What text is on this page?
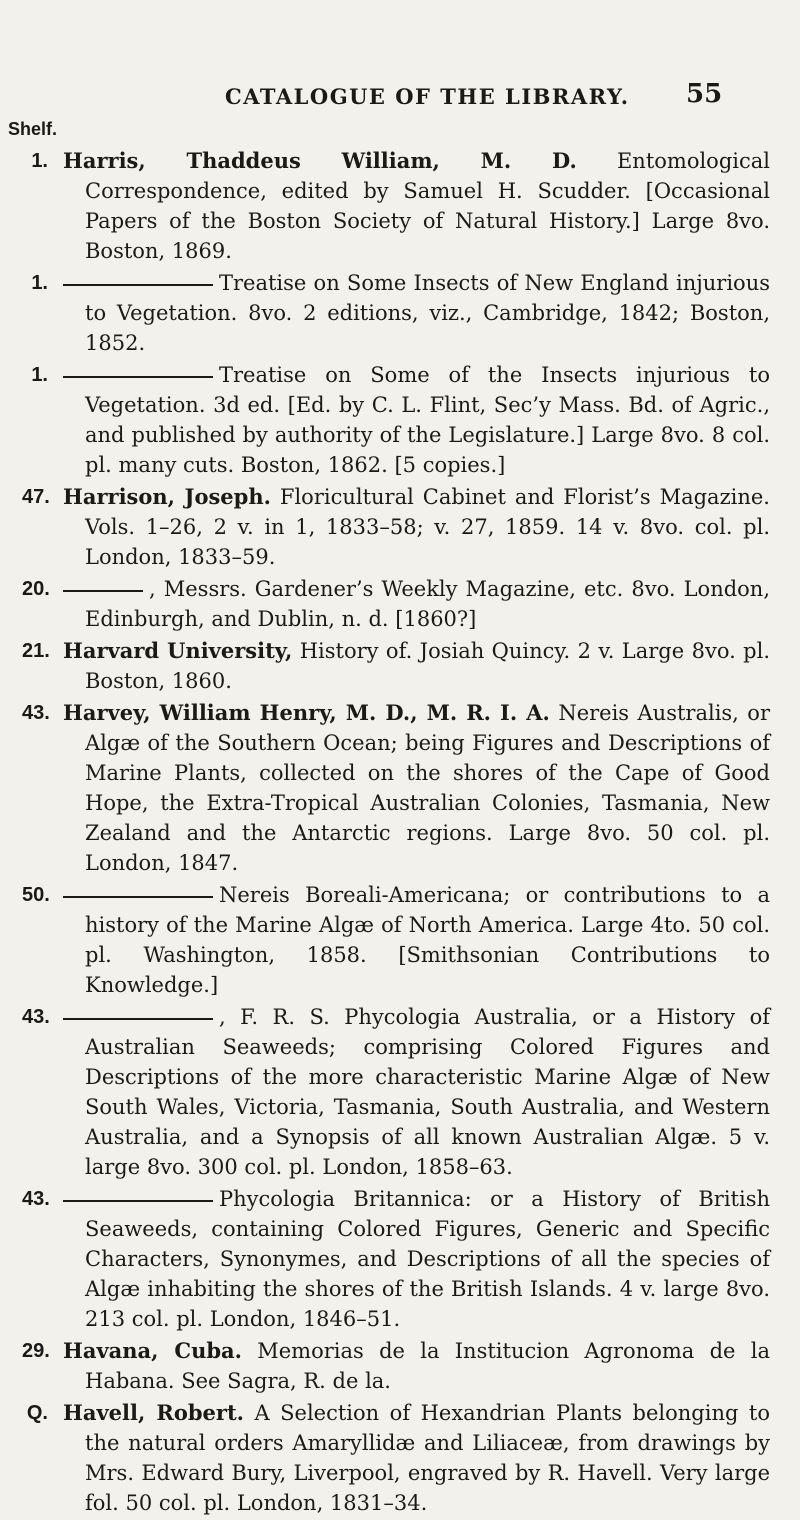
CATALOGUE OF THE LIBRARY. 55
Shelf.
1. Harris, Thaddeus William, M. D. Entomological Correspondence, edited by Samuel H. Scudder. [Occasional Papers of the Boston Society of Natural History.] Large 8vo. Boston, 1869.
1.	Treatise on Some Insects of New England injurious to Vegetation. 8vo. 2 editions, viz., Cambridge, 1842; Boston, 1852.
1.	Treatise on Some of the Insects injurious to Vegetation. 3d ed. [Ed. by C. L. Flint, Sec’y Mass. Bd. of Agric., and published by authority of the Legislature.] Large 8vo. 8 col. pl. many cuts. Boston, 1862. [5 copies.]
47. Harrison, Joseph. Floricultural Cabinet and Florist’s Magazine. Vols. 1–26, 2 v. in 1, 1833–58; v. 27, 1859. 14 v. 8vo. col. pl. London, 1833–59.
20.	, Messrs. Gardener’s Weekly Magazine, etc. 8vo. London, Edinburgh, and Dublin, n. d. [1860?]
21. Harvard University, History of. Josiah Quincy. 2 v. Large 8vo. pl. Boston, 1860.
43. Harvey, William Henry, M. D., M. R. I. A. Nereis Australis, or Algæ of the Southern Ocean; being Figures and Descriptions of Marine Plants, collected on the shores of the Cape of Good Hope, the Extra-Tropical Australian Colonies, Tasmania, New Zealand and the Antarctic regions. Large 8vo. 50 col. pl. London, 1847.
50.	Nereis Boreali-Americana; or contributions to a history of the Marine Algæ of North America. Large 4to. 50 col. pl. Washington, 1858. [Smithsonian Contributions to Knowledge.]
43.	, F. R. S. Phycologia Australia, or a History of Australian Seaweeds; comprising Colored Figures and Descriptions of the more characteristic Marine Algæ of New South Wales, Victoria, Tasmania, South Australia, and Western Australia, and a Synopsis of all known Australian Algæ. 5 v. large 8vo. 300 col. pl. London, 1858–63.
43.	Phycologia Britannica: or a History of British Seaweeds, containing Colored Figures, Generic and Specific Characters, Synonymes, and Descriptions of all the species of Algæ inhabiting the shores of the British Islands. 4 v. large 8vo. 213 col. pl. London, 1846–51.
29. Havana, Cuba. Memorias de la Institucion Agronoma de la Habana. See Sagra, R. de la.
Q. Havell, Robert. A Selection of Hexandrian Plants belonging to the natural orders Amaryllidæ and Liliaceæ, from drawings by Mrs. Edward Bury, Liverpool, engraved by R. Havell. Very large fol. 50 col. pl. London, 1831–34.
